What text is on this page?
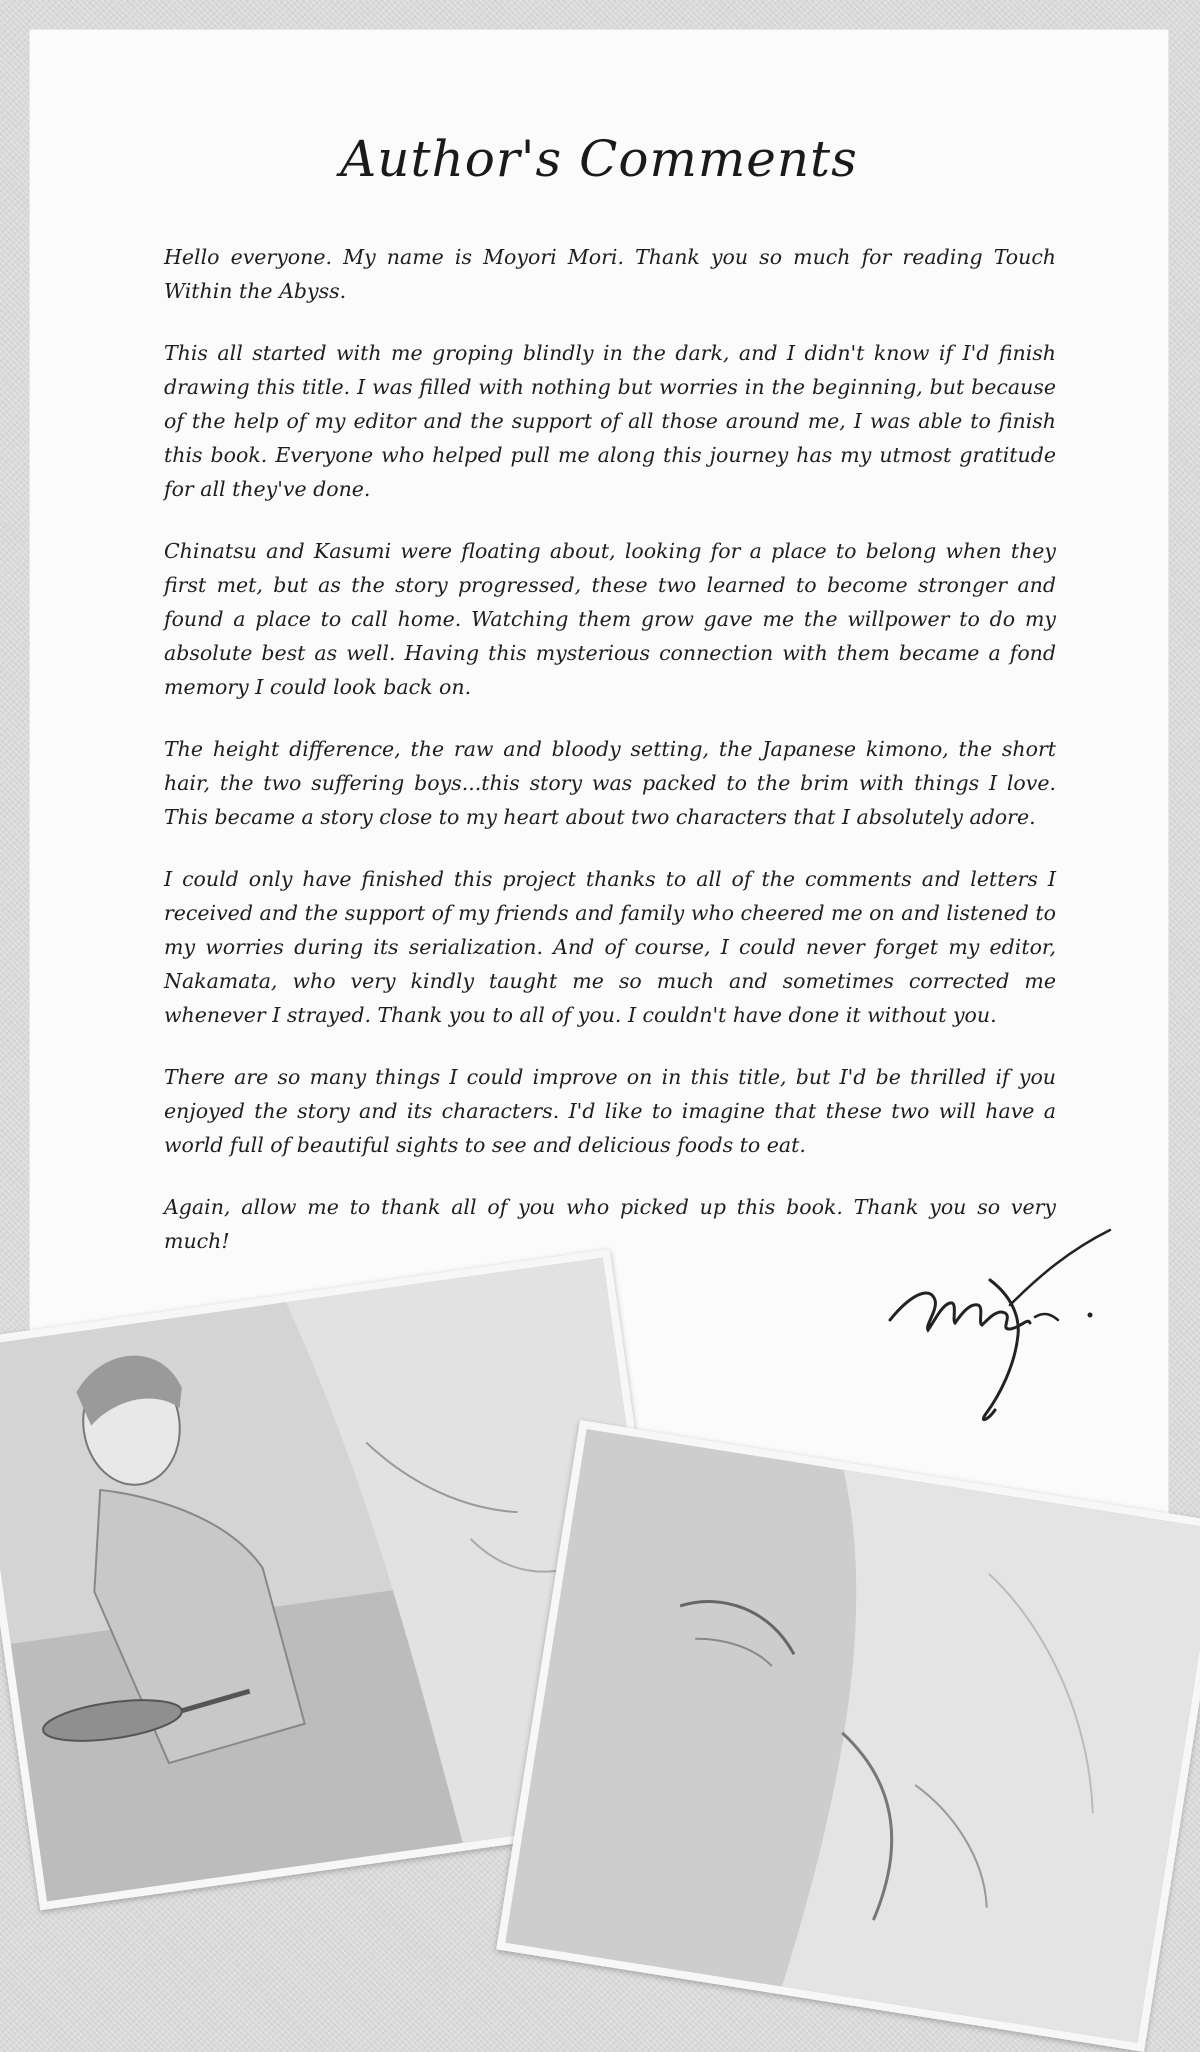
Author's Comments

Hello everyone. My name is Moyori Mori. Thank you so much for reading Touch Within the Abyss.

This all started with me groping blindly in the dark, and I didn't know if I'd finish drawing this title. I was filled with nothing but worries in the beginning, but because of the help of my editor and the support of all those around me, I was able to finish this book. Everyone who helped pull me along this journey has my utmost gratitude for all they've done.

Chinatsu and Kasumi were floating about, looking for a place to belong when they first met, but as the story progressed, these two learned to become stronger and found a place to call home. Watching them grow gave me the willpower to do my absolute best as well. Having this mysterious connection with them became a fond memory I could look back on.

The height difference, the raw and bloody setting, the Japanese kimono, the short hair, the two suffering boys...this story was packed to the brim with things I love. This became a story close to my heart about two characters that I absolutely adore.

I could only have finished this project thanks to all of the comments and letters I received and the support of my friends and family who cheered me on and listened to my worries during its serialization. And of course, I could never forget my editor, Nakamata, who very kindly taught me so much and sometimes corrected me whenever I strayed. Thank you to all of you. I couldn't have done it without you.

There are so many things I could improve on in this title, but I'd be thrilled if you enjoyed the story and its characters. I'd like to imagine that these two will have a world full of beautiful sights to see and delicious foods to eat.

Again, allow me to thank all of you who picked up this book. Thank you so very much!
